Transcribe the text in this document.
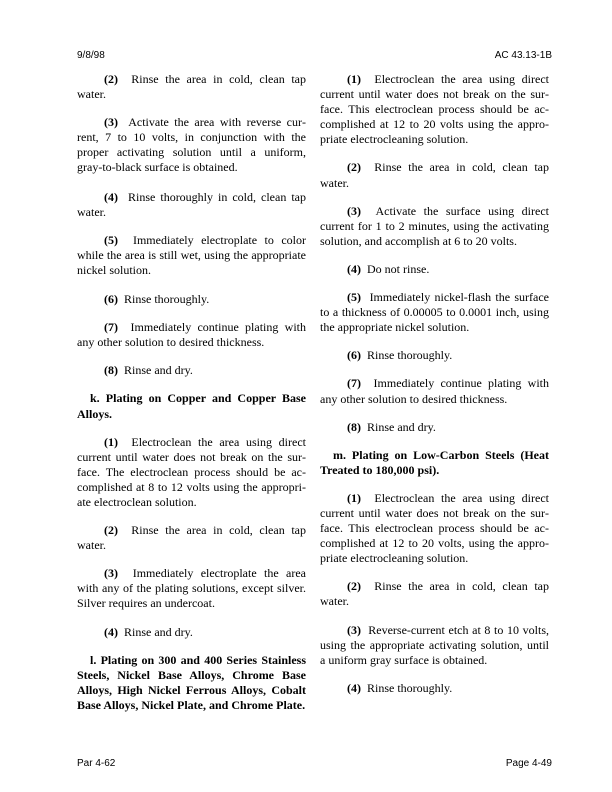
9/8/98	AC 43.13-1B

(2) Rinse the area in cold, clean tap water.

(3) Activate the area with reverse current, 7 to 10 volts, in conjunction with the proper activating solution until a uniform, gray-to-black surface is obtained.

(4) Rinse thoroughly in cold, clean tap water.

(5) Immediately electroplate to color while the area is still wet, using the appropriate nickel solution.

(6) Rinse thoroughly.

(7) Immediately continue plating with any other solution to desired thickness.

(8) Rinse and dry.

k. Plating on Copper and Copper Base Alloys.

(1) Electroclean the area using direct current until water does not break on the surface. The electroclean process should be accomplished at 8 to 12 volts using the appropriate electroclean solution.

(2) Rinse the area in cold, clean tap water.

(3) Immediately electroplate the area with any of the plating solutions, except silver. Silver requires an undercoat.

(4) Rinse and dry.

l. Plating on 300 and 400 Series Stainless Steels, Nickel Base Alloys, Chrome Base Alloys, High Nickel Ferrous Alloys, Cobalt Base Alloys, Nickel Plate, and Chrome Plate.

(1) Electroclean the area using direct current until water does not break on the surface. This electroclean process should be accomplished at 12 to 20 volts using the appropriate electrocleaning solution.

(2) Rinse the area in cold, clean tap water.

(3) Activate the surface using direct current for 1 to 2 minutes, using the activating solution, and accomplish at 6 to 20 volts.

(4) Do not rinse.

(5) Immediately nickel-flash the surface to a thickness of 0.00005 to 0.0001 inch, using the appropriate nickel solution.

(6) Rinse thoroughly.

(7) Immediately continue plating with any other solution to desired thickness.

(8) Rinse and dry.

m. Plating on Low-Carbon Steels (Heat Treated to 180,000 psi).

(1) Electroclean the area using direct current until water does not break on the surface. This electroclean process should be accomplished at 12 to 20 volts, using the appropriate electrocleaning solution.

(2) Rinse the area in cold, clean tap water.

(3) Reverse-current etch at 8 to 10 volts, using the appropriate activating solution, until a uniform gray surface is obtained.

(4) Rinse thoroughly.

Par 4-62	Page 4-49
